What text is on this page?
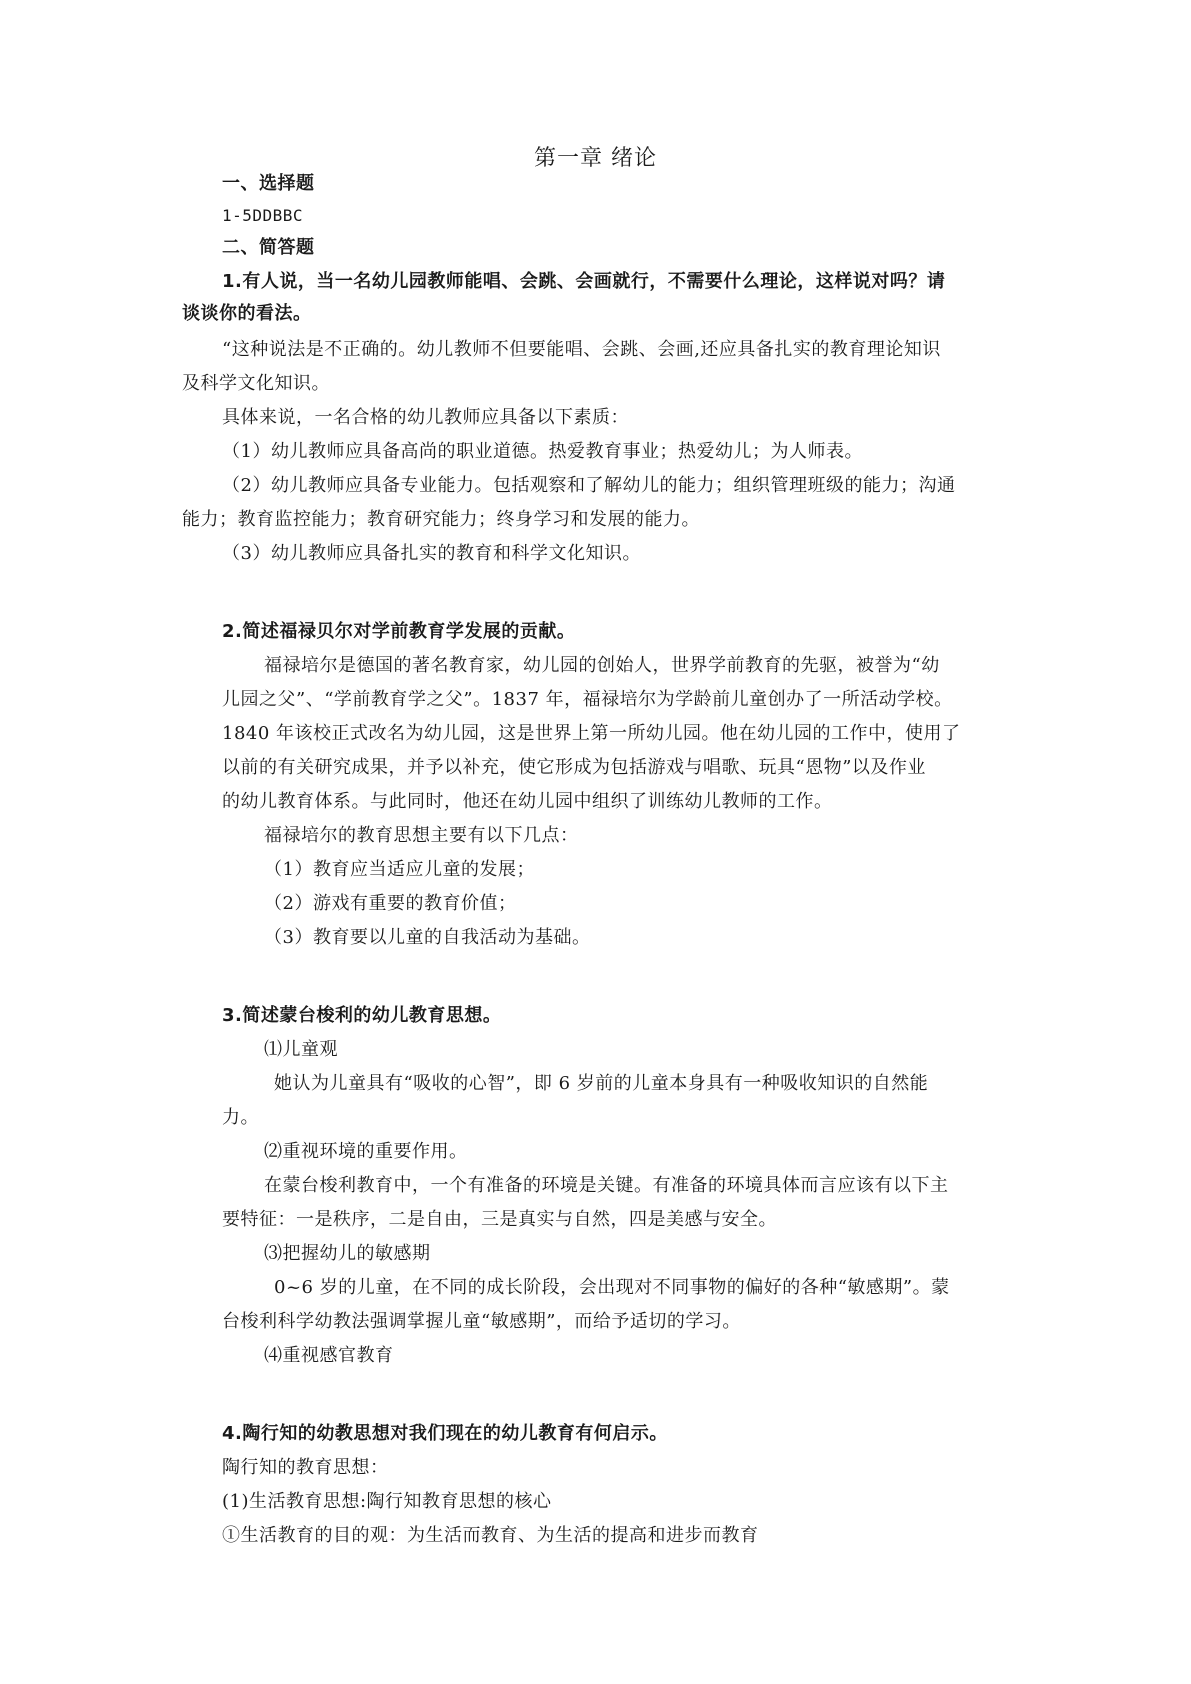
第一章 绪论
一、选择题
1-5DDBBC
二、简答题
1.有人说，当一名幼儿园教师能唱、会跳、会画就行，不需要什么理论，这样说对吗？请
谈谈你的看法。
“这种说法是不正确的。幼儿教师不但要能唱、会跳、会画,还应具备扎实的教育理论知识
及科学文化知识。
具体来说，一名合格的幼儿教师应具备以下素质：
（1）幼儿教师应具备高尚的职业道德。热爱教育事业；热爱幼儿；为人师表。
（2）幼儿教师应具备专业能力。包括观察和了解幼儿的能力；组织管理班级的能力；沟通
能力；教育监控能力；教育研究能力；终身学习和发展的能力。
（3）幼儿教师应具备扎实的教育和科学文化知识。
2.简述福禄贝尔对学前教育学发展的贡献。
福禄培尔是德国的著名教育家，幼儿园的创始人，世界学前教育的先驱，被誉为“幼
儿园之父”、“学前教育学之父”。1837 年，福禄培尔为学龄前儿童创办了一所活动学校。
1840 年该校正式改名为幼儿园，这是世界上第一所幼儿园。他在幼儿园的工作中，使用了
以前的有关研究成果，并予以补充，使它形成为包括游戏与唱歌、玩具“恩物”以及作业
的幼儿教育体系。与此同时，他还在幼儿园中组织了训练幼儿教师的工作。
福禄培尔的教育思想主要有以下几点：
（1）教育应当适应儿童的发展；
（2）游戏有重要的教育价值；
（3）教育要以儿童的自我活动为基础。
3.简述蒙台梭利的幼儿教育思想。
⑴儿童观
她认为儿童具有“吸收的心智”，即 6 岁前的儿童本身具有一种吸收知识的自然能
力。
⑵重视环境的重要作用。
在蒙台梭利教育中，一个有准备的环境是关键。有准备的环境具体而言应该有以下主
要特征：一是秩序，二是自由，三是真实与自然，四是美感与安全。
⑶把握幼儿的敏感期
0~6 岁的儿童，在不同的成长阶段，会出现对不同事物的偏好的各种“敏感期”。蒙
台梭利科学幼教法强调掌握儿童“敏感期”，而给予适切的学习。
⑷重视感官教育
4.陶行知的幼教思想对我们现在的幼儿教育有何启示。
陶行知的教育思想：
(1)生活教育思想:陶行知教育思想的核心
①生活教育的目的观：为生活而教育、为生活的提高和进步而教育
